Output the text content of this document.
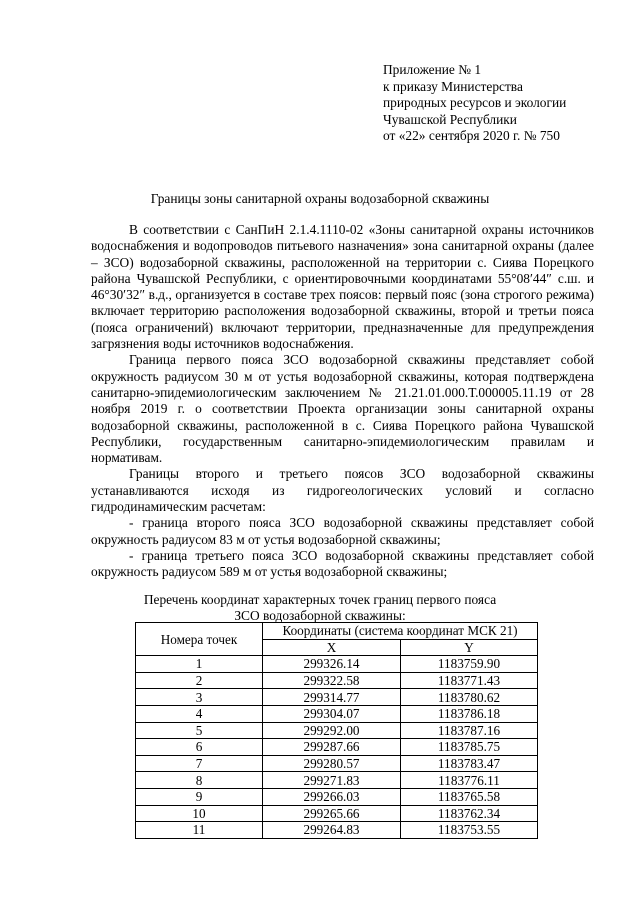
Приложение № 1
к приказу Министерства
природных ресурсов и экологии
Чувашской Республики
от «22» сентября 2020 г. № 750
Границы зоны санитарной охраны водозаборной скважины

В соответствии с СанПиН 2.1.4.1110-02 «Зоны санитарной охраны источников водоснабжения и водопроводов питьевого назначения» зона санитарной охраны (далее – ЗСО) водозаборной скважины, расположенной на территории с. Сиява Порецкого района Чувашской Республики, с ориентировочными координатами 55°08′44″ с.ш. и 46°30′32″ в.д., организуется в составе трех поясов: первый пояс (зона строгого режима) включает территорию расположения водозаборной скважины, второй и третьи пояса (пояса ограничений) включают территории, предназначенные для предупреждения загрязнения воды источников водоснабжения.

Граница первого пояса ЗСО водозаборной скважины представляет собой окружность радиусом 30 м от устья водозаборной скважины, которая подтверждена санитарно-эпидемиологическим заключением № 21.21.01.000.Т.000005.11.19 от 28 ноября 2019 г. о соответствии Проекта организации зоны санитарной охраны водозаборной скважины, расположенной в с. Сиява Порецкого района Чувашской Республики, государственным санитарно-эпидемиологическим правилам и нормативам.

Границы второго и третьего поясов ЗСО водозаборной скважины устанавливаются исходя из гидрогеологических условий и согласно гидродинамическим расчетам:

- граница второго пояса ЗСО водозаборной скважины представляет собой окружность радиусом 83 м от устья водозаборной скважины;

- граница третьего пояса ЗСО водозаборной скважины представляет собой окружность радиусом 589 м от устья водозаборной скважины;

Перечень координат характерных точек границ первого пояса
ЗСО водозаборной скважины:
Номера точек	Координаты (система координат МСК 21)	
	X	Y
1	299326.14	1183759.90
2	299322.58	1183771.43
3	299314.77	1183780.62
4	299304.07	1183786.18
5	299292.00	1183787.16
6	299287.66	1183785.75
7	299280.57	1183783.47
8	299271.83	1183776.11
9	299266.03	1183765.58
10	299265.66	1183762.34
11	299264.83	1183753.55
